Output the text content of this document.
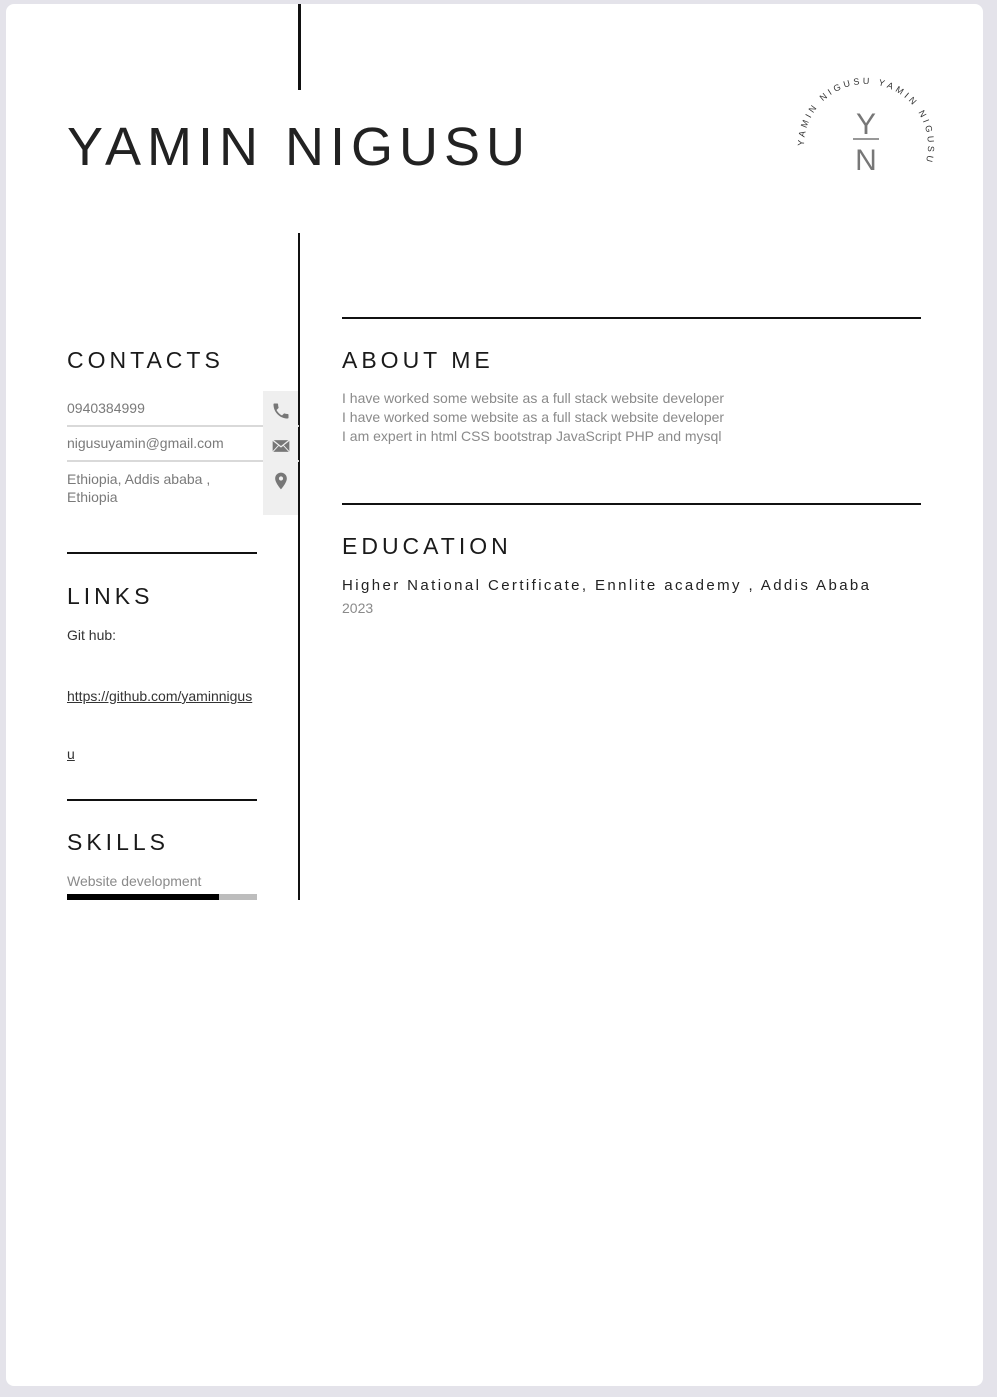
YAMIN NIGUSU	YAMIN NIGUSU YAMIN NIGUSU
Y
N
CONTACTS
0940384999
nigusuyamin@gmail.com
Ethiopia, Addis ababa , Ethiopia
LINKS
Git hub:

https://github.com/yaminnigusu

SKILLS
Website development
ABOUT ME
I have worked some website as a full stack website developer
I have worked some website as a full stack website developer
I am expert in html CSS bootstrap JavaScript PHP and mysql
EDUCATION
Higher National Certificate, Ennlite academy , Addis Ababa
2023
